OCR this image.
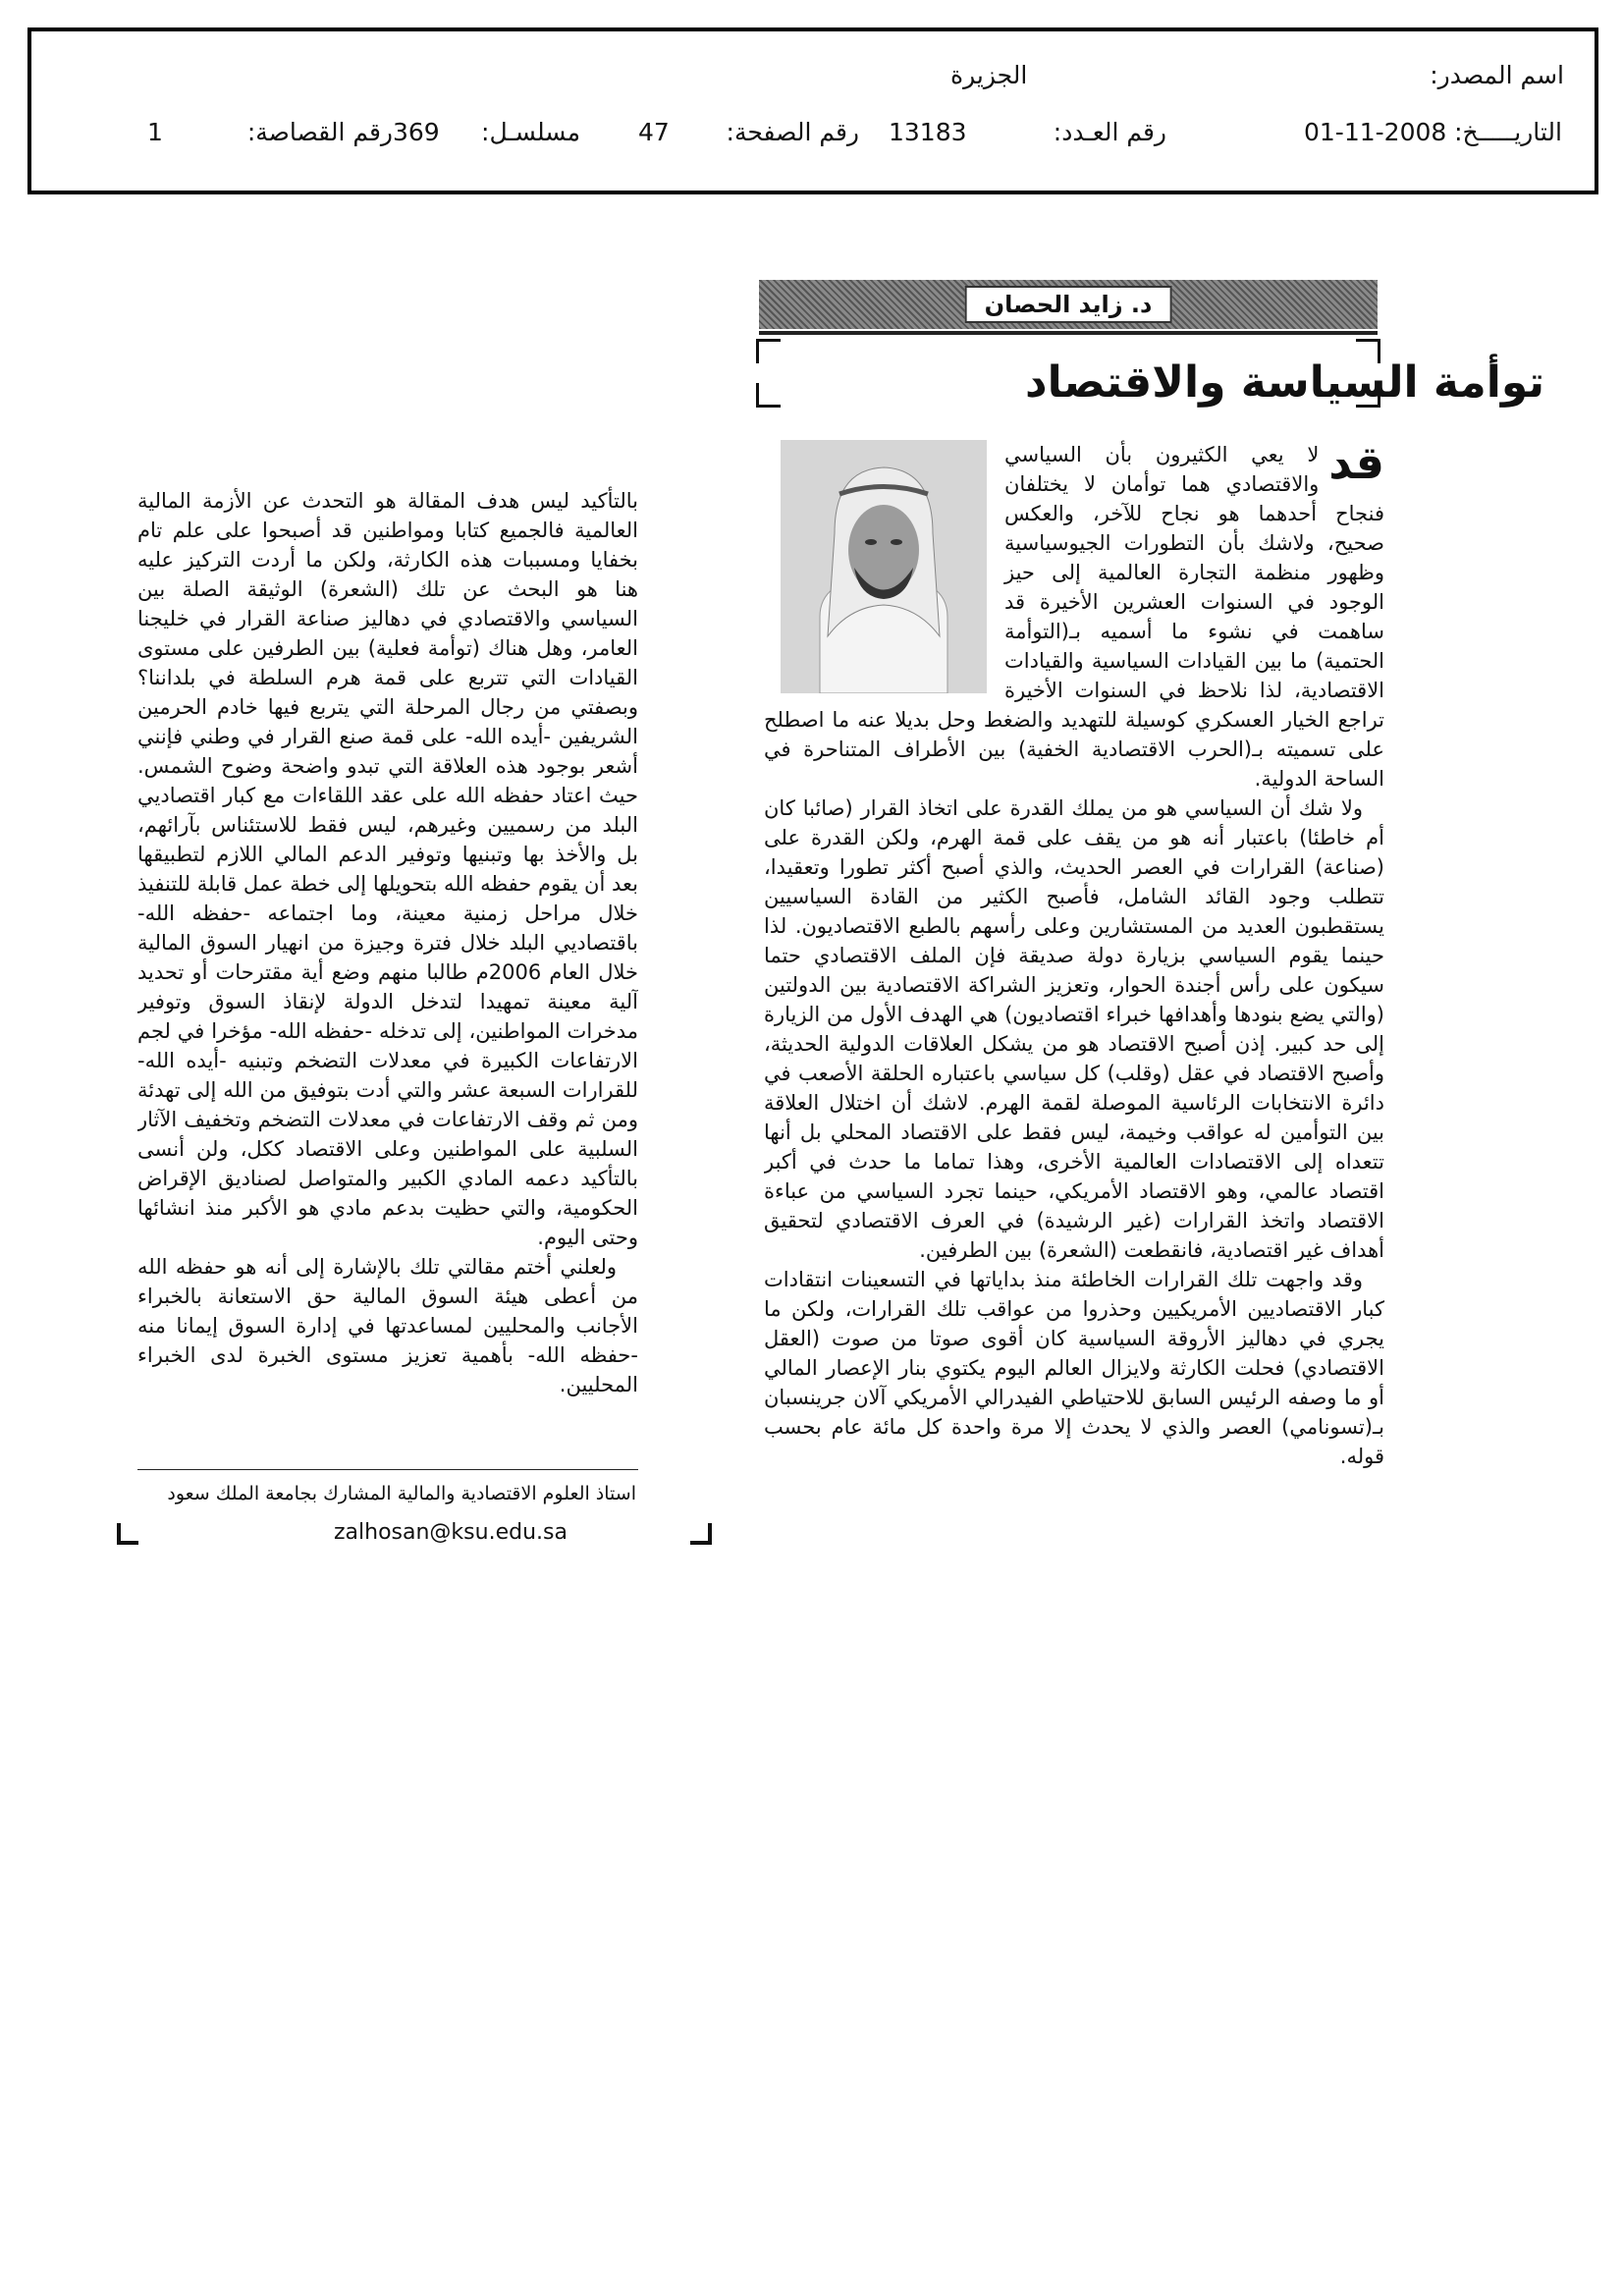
اسم المصدر:
الجزيرة
التاريـــــخ:
01-11-2008
رقم العـدد:
13183
رقم الصفحة:
47
مسلسـل:
369
رقم القصاصة:
1
د. زايد الحصان
توأمة السياسة والاقتصاد

قد
لا يعي الكثيرون بأن السياسي والاقتصادي هما توأمان لا يختلفان فنجاح أحدهما هو نجاح للآخر، والعكس صحيح، ولاشك بأن التطورات الجيوسياسية وظهور منظمة التجارة العالمية إلى حيز الوجود في السنوات العشرين الأخيرة قد ساهمت في نشوء ما أسميه بـ(التوأمة الحتمية) ما بين القيادات السياسية والقيادات الاقتصادية، لذا نلاحظ في السنوات الأخيرة تراجع الخيار العسكري كوسيلة للتهديد والضغط وحل بديلا عنه ما اصطلح على تسميته بـ(الحرب الاقتصادية الخفية) بين الأطراف المتناحرة في الساحة الدولية.

ولا شك أن السياسي هو من يملك القدرة على اتخاذ القرار (صائبا كان أم خاطئا) باعتبار أنه هو من يقف على قمة الهرم، ولكن القدرة على (صناعة) القرارات في العصر الحديث، والذي أصبح أكثر تطورا وتعقيدا، تتطلب وجود القائد الشامل، فأصبح الكثير من القادة السياسيين يستقطبون العديد من المستشارين وعلى رأسهم بالطبع الاقتصاديون. لذا حينما يقوم السياسي بزيارة دولة صديقة فإن الملف الاقتصادي حتما سيكون على رأس أجندة الحوار، وتعزيز الشراكة الاقتصادية بين الدولتين (والتي يضع بنودها وأهدافها خبراء اقتصاديون) هي الهدف الأول من الزيارة إلى حد كبير. إذن أصبح الاقتصاد هو من يشكل العلاقات الدولية الحديثة، وأصبح الاقتصاد في عقل (وقلب) كل سياسي باعتباره الحلقة الأصعب في دائرة الانتخابات الرئاسية الموصلة لقمة الهرم. لاشك أن اختلال العلاقة بين التوأمين له عواقب وخيمة، ليس فقط على الاقتصاد المحلي بل أنها تتعداه إلى الاقتصادات العالمية الأخرى، وهذا تماما ما حدث في أكبر اقتصاد عالمي، وهو الاقتصاد الأمريكي، حينما تجرد السياسي من عباءة الاقتصاد واتخذ القرارات (غير الرشيدة) في العرف الاقتصادي لتحقيق أهداف غير اقتصادية، فانقطعت (الشعرة) بين الطرفين.

وقد واجهت تلك القرارات الخاطئة منذ بداياتها في التسعينات انتقادات كبار الاقتصاديين الأمريكيين وحذروا من عواقب تلك القرارات، ولكن ما يجري في دهاليز الأروقة السياسية كان أقوى صوتا من صوت (العقل الاقتصادي) فحلت الكارثة ولايزال العالم اليوم يكتوي بنار الإعصار المالي أو ما وصفه الرئيس السابق للاحتياطي الفيدرالي الأمريكي آلان جرينسبان بـ(تسونامي) العصر والذي لا يحدث إلا مرة واحدة كل مائة عام بحسب قوله.

بالتأكيد ليس هدف المقالة هو التحدث عن الأزمة المالية العالمية فالجميع كتابا ومواطنين قد أصبحوا على علم تام بخفايا ومسببات هذه الكارثة، ولكن ما أردت التركيز عليه هنا هو البحث عن تلك (الشعرة) الوثيقة الصلة بين السياسي والاقتصادي في دهاليز صناعة القرار في خليجنا العامر، وهل هناك (توأمة فعلية) بين الطرفين على مستوى القيادات التي تتربع على قمة هرم السلطة في بلداننا؟ وبصفتي من رجال المرحلة التي يتربع فيها خادم الحرمين الشريفين -أيده الله- على قمة صنع القرار في وطني فإنني أشعر بوجود هذه العلاقة التي تبدو واضحة وضوح الشمس. حيث اعتاد حفظه الله على عقد اللقاءات مع كبار اقتصاديي البلد من رسميين وغيرهم، ليس فقط للاستئناس بآرائهم، بل والأخذ بها وتبنيها وتوفير الدعم المالي اللازم لتطبيقها بعد أن يقوم حفظه الله بتحويلها إلى خطة عمل قابلة للتنفيذ خلال مراحل زمنية معينة، وما اجتماعه -حفظه الله- باقتصاديي البلد خلال فترة وجيزة من انهيار السوق المالية خلال العام 2006م طالبا منهم وضع أية مقترحات أو تحديد آلية معينة تمهيدا لتدخل الدولة لإنقاذ السوق وتوفير مدخرات المواطنين، إلى تدخله -حفظه الله- مؤخرا في لجم الارتفاعات الكبيرة في معدلات التضخم وتبنيه -أيده الله- للقرارات السبعة عشر والتي أدت بتوفيق من الله إلى تهدئة ومن ثم وقف الارتفاعات في معدلات التضخم وتخفيف الآثار السلبية على المواطنين وعلى الاقتصاد ككل، ولن أنسى بالتأكيد دعمه المادي الكبير والمتواصل لصناديق الإقراض الحكومية، والتي حظيت بدعم مادي هو الأكبر منذ انشائها وحتى اليوم.

ولعلني أختم مقالتي تلك بالإشارة إلى أنه هو حفظه الله من أعطى هيئة السوق المالية حق الاستعانة بالخبراء الأجانب والمحليين لمساعدتها في إدارة السوق إيمانا منه -حفظه الله- بأهمية تعزيز مستوى الخبرة لدى الخبراء المحليين.

استاذ العلوم الاقتصادية والمالية المشارك بجامعة الملك سعود
zalhosan@ksu.edu.sa
